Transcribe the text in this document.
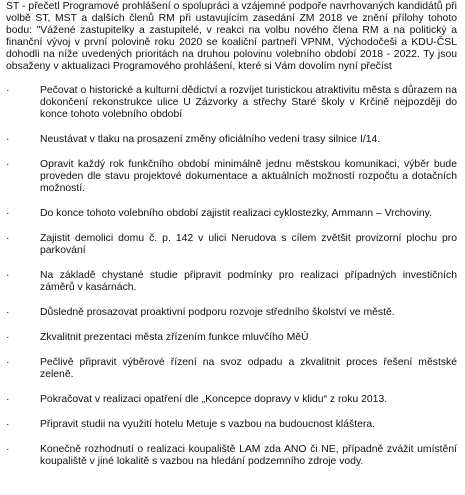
ST - přečetl Programové prohlášení o spolupráci a vzájemné podpoře navrhovaných kandidátů při volbě ST, MST a dalších členů RM při ustavujícím zasedání ZM 2018 ve znění přílohy tohoto bodu: "Vážené zastupitelky a zastupitelé, v reakci na volbu nového člena RM a na politický a finanční vývoj v první polovině roku 2020 se koaliční partneři VPNM, Východočeši a KDU-ČSL dohodli na níže uvedených prioritách na druhou polovinu volebního období 2018 - 2022. Ty jsou obsaženy v aktualizaci Programového prohlášení, které si Vám dovolím nyní přečíst

·	Pečovat o historické a kulturní dědictví a rozvíjet turistickou atraktivitu města s důrazem na dokončení rekonstrukce ulice U Zázvorky a střechy Staré školy v Krčině nejpozději do konce tohoto volebního období
·	Neustávat v tlaku na prosazení změny oficiálního vedení trasy silnice I/14.
·	Opravit každý rok funkčního období minimálně jednu městskou komunikaci, výběr bude proveden dle stavu projektové dokumentace a aktuálních možností rozpočtu a dotačních možností.
·	Do konce tohoto volebního období zajistit realizaci cyklostezky, Ammann – Vrchoviny.
·	Zajistit demolici domu č. p. 142 v ulici Nerudova s cílem zvětšit provizorní plochu pro parkování
·	Na základě chystané studie připravit podmínky pro realizaci případných investičních záměrů v kasárnách.
·	Důsledně prosazovat proaktivní podporu rozvoje středního školství ve městě.
·	Zkvalitnit prezentaci města zřízením funkce mluvčího MěÚ
·	Pečlivě připravit výběrové řízení na svoz odpadu a zkvalitnit proces řešení městské zeleně.
·	Pokračovat v realizaci opatření dle „Koncepce dopravy v klidu“ z roku 2013.
·	Připravit studii na využití hotelu Metuje s vazbou na budoucnost kláštera.
·	Konečně rozhodnutí o realizaci koupaliště LAM zda ANO či NE, případně zvážit umístění koupaliště v jiné lokalitě s vazbou na hledání podzemního zdroje vody.
